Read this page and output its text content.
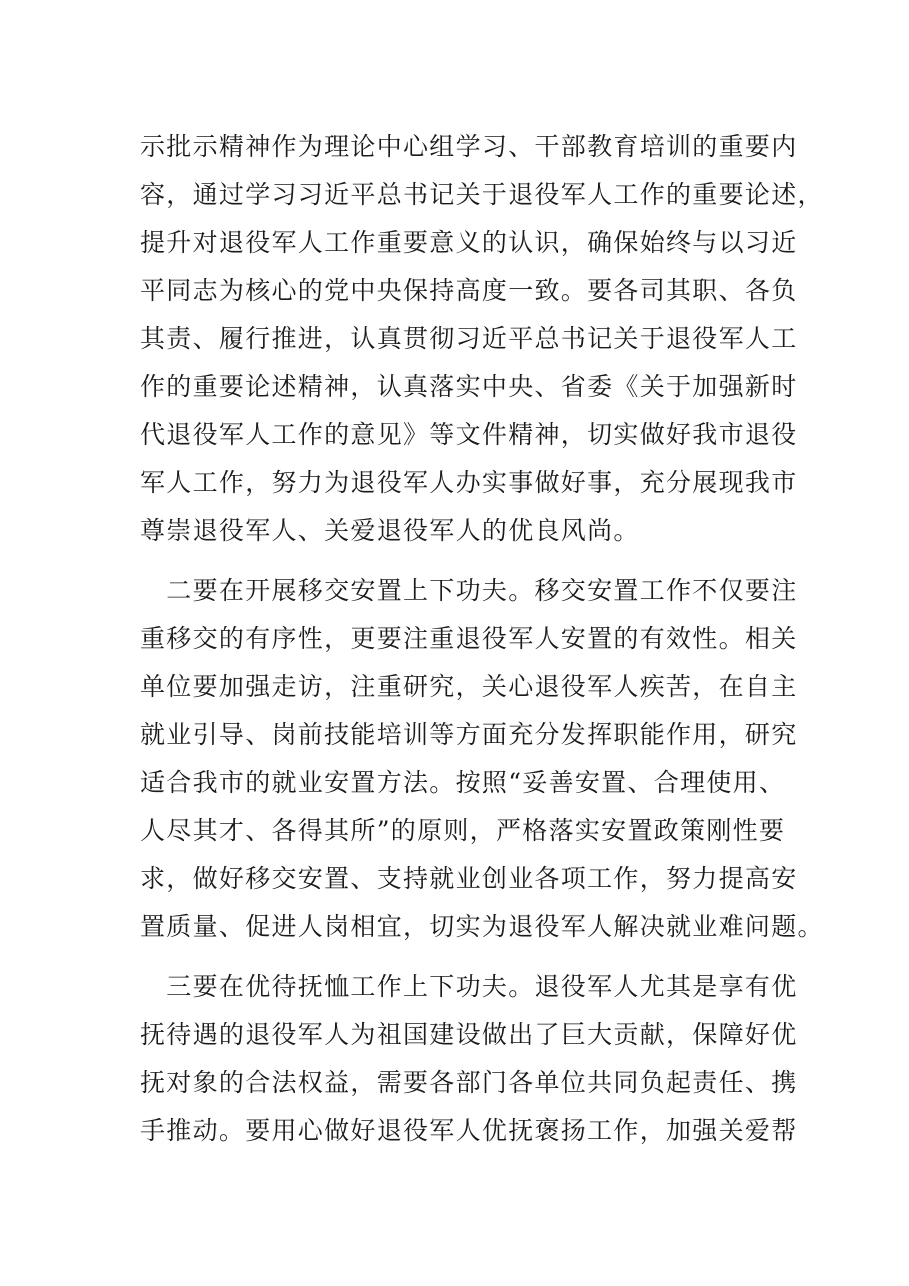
示批示精神作为理论中心组学习、干部教育培训的重要内
容，通过学习习近平总书记关于退役军人工作的重要论述，
提升对退役军人工作重要意义的认识，确保始终与以习近
平同志为核心的党中央保持高度一致。要各司其职、各负
其责、履行推进，认真贯彻习近平总书记关于退役军人工
作的重要论述精神，认真落实中央、省委《关于加强新时
代退役军人工作的意见》等文件精神，切实做好我市退役
军人工作，努力为退役军人办实事做好事，充分展现我市
尊崇退役军人、关爱退役军人的优良风尚。
　二要在开展移交安置上下功夫。移交安置工作不仅要注
重移交的有序性，更要注重退役军人安置的有效性。相关
单位要加强走访，注重研究，关心退役军人疾苦，在自主
就业引导、岗前技能培训等方面充分发挥职能作用，研究
适合我市的就业安置方法。按照“妥善安置、合理使用、
人尽其才、各得其所”的原则，严格落实安置政策刚性要
求，做好移交安置、支持就业创业各项工作，努力提高安
置质量、促进人岗相宜，切实为退役军人解决就业难问题。
　三要在优待抚恤工作上下功夫。退役军人尤其是享有优
抚待遇的退役军人为祖国建设做出了巨大贡献，保障好优
抚对象的合法权益，需要各部门各单位共同负起责任、携
手推动。要用心做好退役军人优抚褒扬工作，加强关爱帮
